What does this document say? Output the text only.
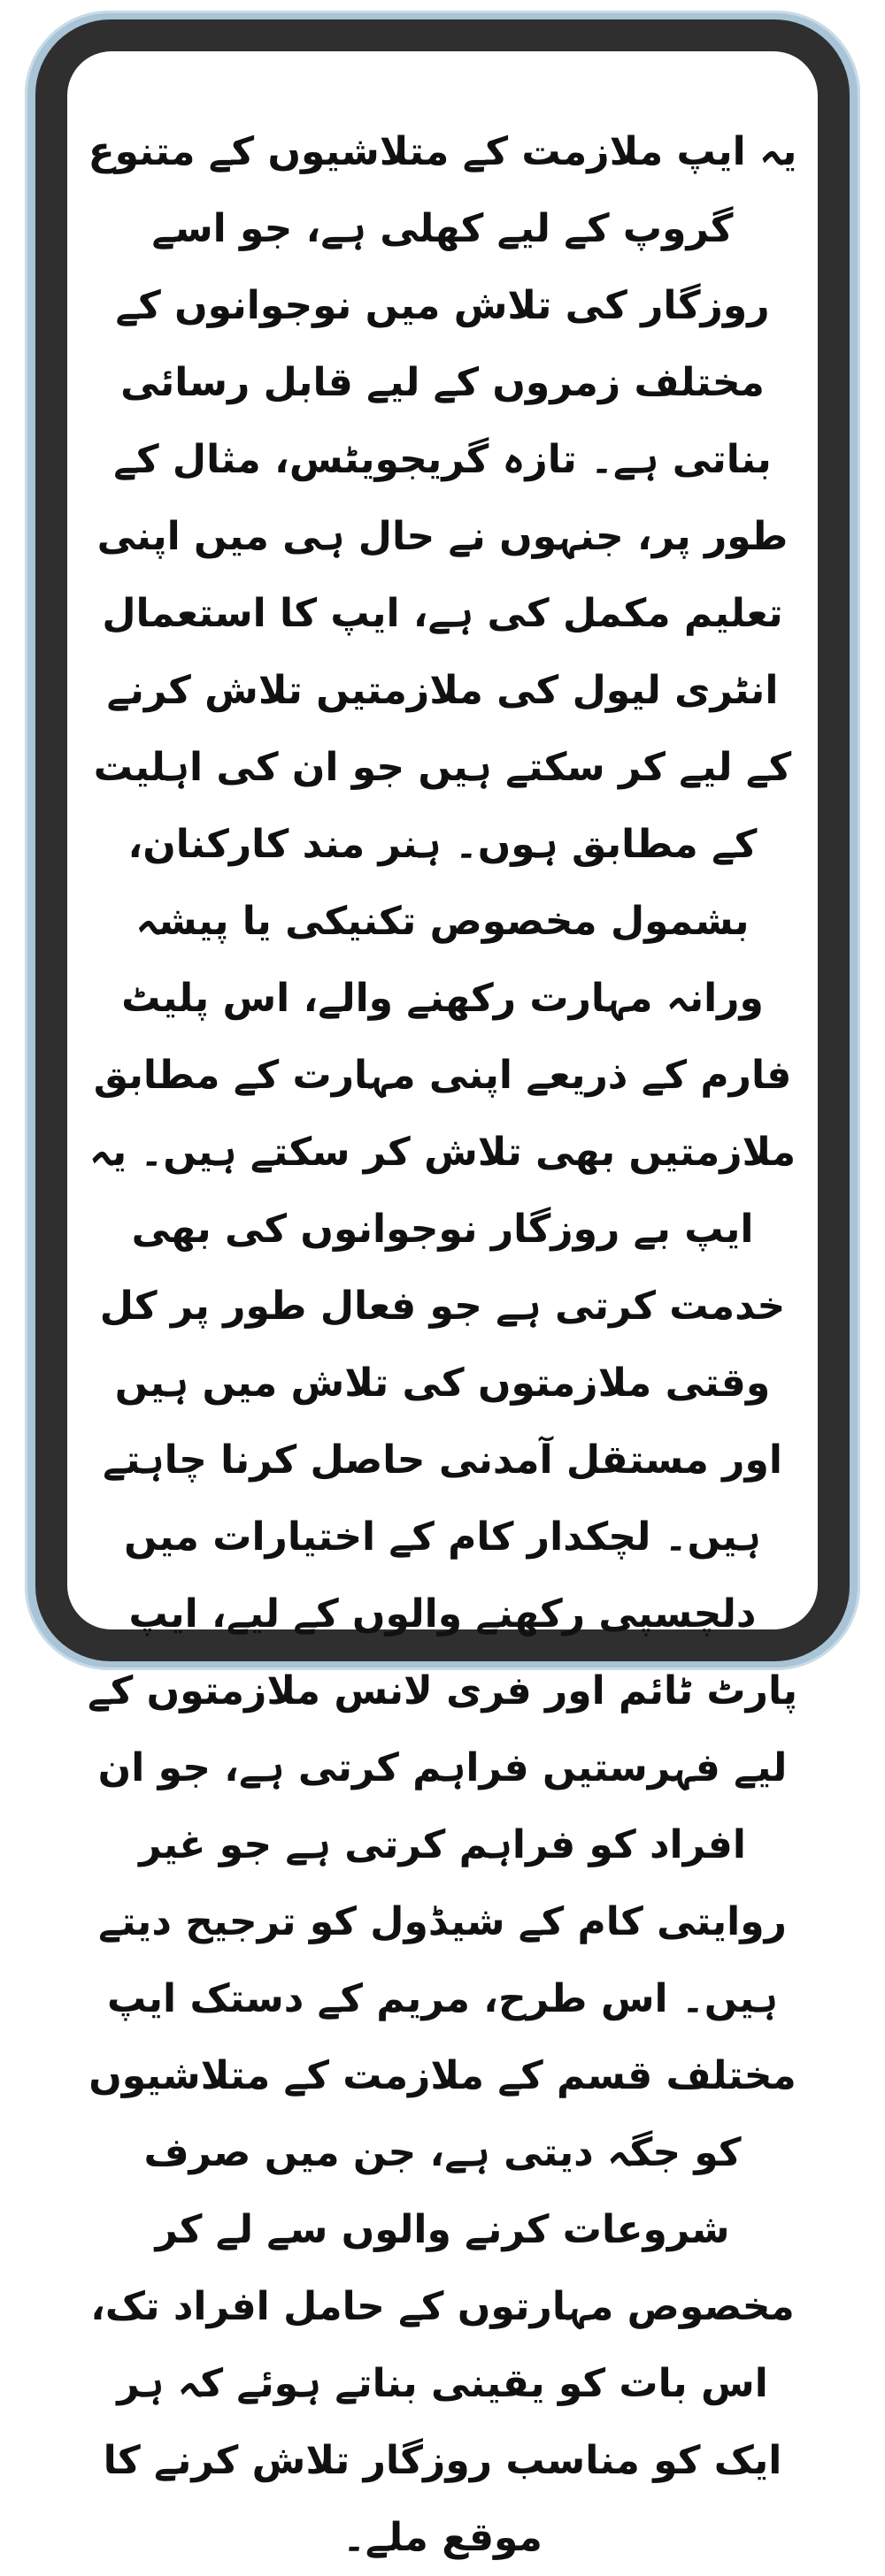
یہ ایپ ملازمت کے متلاشیوں کے متنوع گروپ کے لیے کھلی ہے، جو اسے روزگار کی تلاش میں نوجوانوں کے مختلف زمروں کے لیے قابل رسائی بناتی ہے۔ تازہ گریجویٹس، مثال کے طور پر، جنہوں نے حال ہی میں اپنی تعلیم مکمل کی ہے، ایپ کا استعمال انٹری لیول کی ملازمتیں تلاش کرنے کے لیے کر سکتے ہیں جو ان کی اہلیت کے مطابق ہوں۔ ہنر مند کارکنان، بشمول مخصوص تکنیکی یا پیشہ ورانہ مہارت رکھنے والے، اس پلیٹ فارم کے ذریعے اپنی مہارت کے مطابق ملازمتیں بھی تلاش کر سکتے ہیں۔ یہ ایپ بے روزگار نوجوانوں کی بھی خدمت کرتی ہے جو فعال طور پر کل وقتی ملازمتوں کی تلاش میں ہیں اور مستقل آمدنی حاصل کرنا چاہتے ہیں۔ لچکدار کام کے اختیارات میں دلچسپی رکھنے والوں کے لیے، ایپ پارٹ ٹائم اور فری لانس ملازمتوں کے لیے فہرستیں فراہم کرتی ہے، جو ان افراد کو فراہم کرتی ہے جو غیر روایتی کام کے شیڈول کو ترجیح دیتے ہیں۔ اس طرح، مریم کے دستک ایپ مختلف قسم کے ملازمت کے متلاشیوں کو جگہ دیتی ہے، جن میں صرف شروعات کرنے والوں سے لے کر مخصوص مہارتوں کے حامل افراد تک، اس بات کو یقینی بناتے ہوئے کہ ہر ایک کو مناسب روزگار تلاش کرنے کا موقع ملے۔
